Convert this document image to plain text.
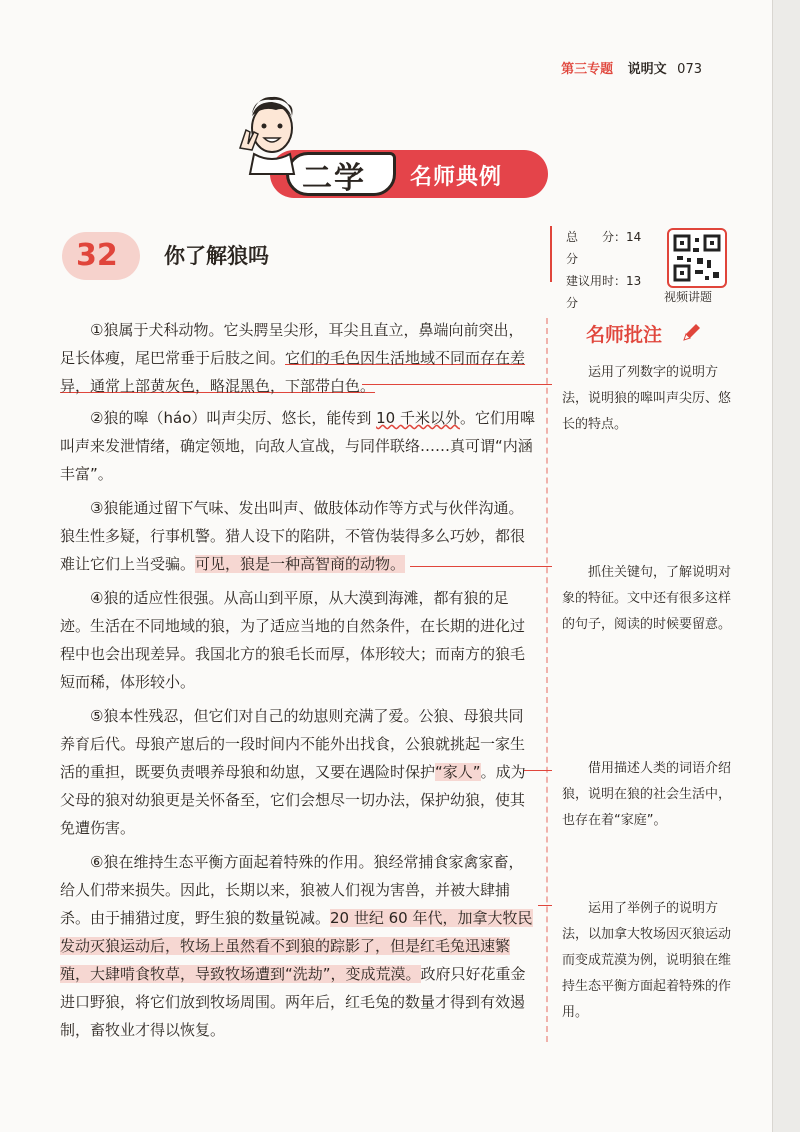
第三专题 说明文 073
二学 名师典例
32 你了解狼吗
总　　分：14 分
建议用时：13 分	视频讲题

①狼属于犬科动物。它头腭呈尖形，耳尖且直立，鼻端向前突出，足长体瘦，尾巴常垂于后肢之间。它们的毛色因生活地域不同而存在差异，通常上部黄灰色，略混黑色，下部带白色。

②狼的嗥（háo）叫声尖厉、悠长，能传到 10 千米以外。它们用嗥叫声来发泄情绪，确定领地，向敌人宣战，与同伴联络……真可谓“内涵丰富”。

③狼能通过留下气味、发出叫声、做肢体动作等方式与伙伴沟通。狼生性多疑，行事机警。猎人设下的陷阱，不管伪装得多么巧妙，都很难让它们上当受骗。可见，狼是一种高智商的动物。

④狼的适应性很强。从高山到平原，从大漠到海滩，都有狼的足迹。生活在不同地域的狼，为了适应当地的自然条件，在长期的进化过程中也会出现差异。我国北方的狼毛长而厚，体形较大；而南方的狼毛短而稀，体形较小。

⑤狼本性残忍，但它们对自己的幼崽则充满了爱。公狼、母狼共同养育后代。母狼产崽后的一段时间内不能外出找食，公狼就挑起一家生活的重担，既要负责喂养母狼和幼崽，又要在遇险时保护“家人”。成为父母的狼对幼狼更是关怀备至，它们会想尽一切办法，保护幼狼，使其免遭伤害。

⑥狼在维持生态平衡方面起着特殊的作用。狼经常捕食家禽家畜，给人们带来损失。因此，长期以来，狼被人们视为害兽，并被大肆捕杀。由于捕猎过度，野生狼的数量锐减。20 世纪 60 年代，加拿大牧民发动灭狼运动后，牧场上虽然看不到狼的踪影了，但是红毛兔迅速繁殖，大肆啃食牧草，导致牧场遭到“洗劫”，变成荒漠。政府只好花重金进口野狼，将它们放到牧场周围。两年后，红毛兔的数量才得到有效遏制，畜牧业才得以恢复。

名师批注
运用了列数字的说明方法，说明狼的嗥叫声尖厉、悠长的特点。
抓住关键句，了解说明对象的特征。文中还有很多这样的句子，阅读的时候要留意。
借用描述人类的词语介绍狼，说明在狼的社会生活中，也存在着“家庭”。
运用了举例子的说明方法，以加拿大牧场因灭狼运动而变成荒漠为例，说明狼在维持生态平衡方面起着特殊的作用。
